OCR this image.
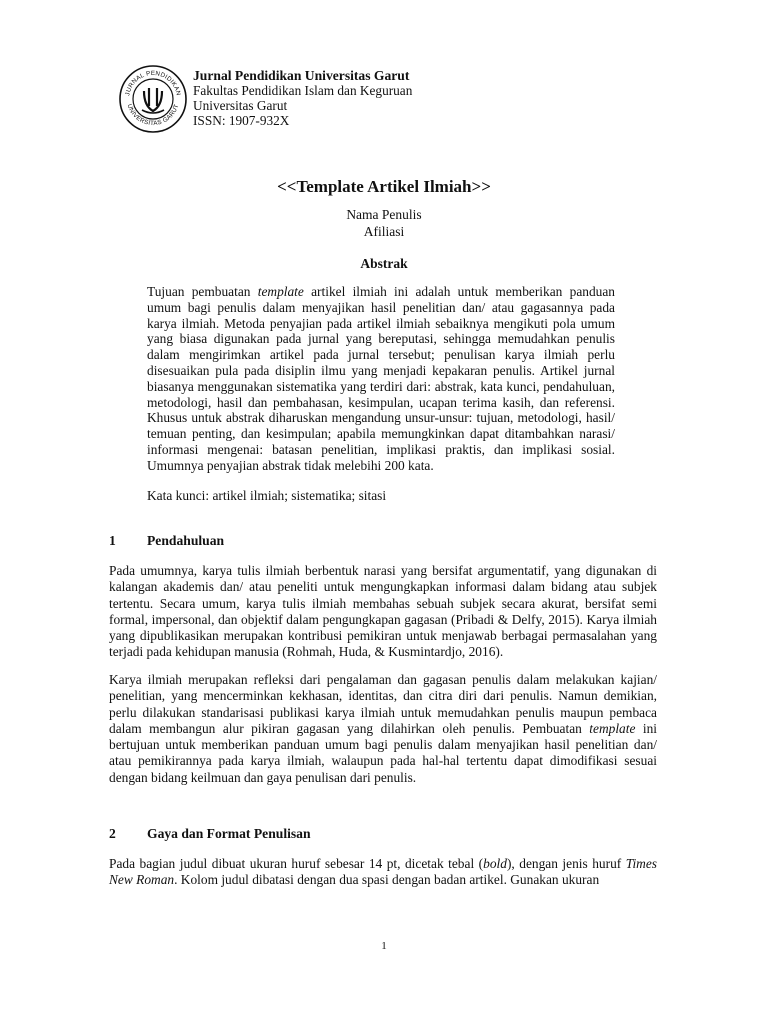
JURNAL PENDIDIKAN
UNIVERSITAS GARUT
Jurnal Pendidikan Universitas Garut
Fakultas Pendidikan Islam dan Keguruan
Universitas Garut
ISSN: 1907-932X
<<Template Artikel Ilmiah>>
Nama Penulis
Afiliasi
Abstrak

Tujuan pembuatan template artikel ilmiah ini adalah untuk memberikan panduan umum bagi penulis dalam menyajikan hasil penelitian dan/ atau gagasannya pada karya ilmiah. Metoda penyajian pada artikel ilmiah sebaiknya mengikuti pola umum yang biasa digunakan pada jurnal yang bereputasi, sehingga memudahkan penulis dalam mengirimkan artikel pada jurnal tersebut; penulisan karya ilmiah perlu disesuaikan pula pada disiplin ilmu yang menjadi kepakaran penulis. Artikel jurnal biasanya menggunakan sistematika yang terdiri dari: abstrak, kata kunci, pendahuluan, metodologi, hasil dan pembahasan, kesimpulan, ucapan terima kasih, dan referensi. Khusus untuk abstrak diharuskan mengandung unsur-unsur: tujuan, metodologi, hasil/ temuan penting, dan kesimpulan; apabila memungkinkan dapat ditambahkan narasi/ informasi mengenai: batasan penelitian, implikasi praktis, dan implikasi sosial. Umumnya penyajian abstrak tidak melebihi 200 kata.

Kata kunci: artikel ilmiah; sistematika; sitasi

1 Pendahuluan

Pada umumnya, karya tulis ilmiah berbentuk narasi yang bersifat argumentatif, yang digunakan di kalangan akademis dan/ atau peneliti untuk mengungkapkan informasi dalam bidang atau subjek tertentu. Secara umum, karya tulis ilmiah membahas sebuah subjek secara akurat, bersifat semi formal, impersonal, dan objektif dalam pengungkapan gagasan (Pribadi & Delfy, 2015). Karya ilmiah yang dipublikasikan merupakan kontribusi pemikiran untuk menjawab berbagai permasalahan yang terjadi pada kehidupan manusia (Rohmah, Huda, & Kusmintardjo, 2016).

Karya ilmiah merupakan refleksi dari pengalaman dan gagasan penulis dalam melakukan kajian/ penelitian, yang mencerminkan kekhasan, identitas, dan citra diri dari penulis. Namun demikian, perlu dilakukan standarisasi publikasi karya ilmiah untuk memudahkan penulis maupun pembaca dalam membangun alur pikiran gagasan yang dilahirkan oleh penulis. Pembuatan template ini bertujuan untuk memberikan panduan umum bagi penulis dalam menyajikan hasil penelitian dan/ atau pemikirannya pada karya ilmiah, walaupun pada hal-hal tertentu dapat dimodifikasi sesuai dengan bidang keilmuan dan gaya penulisan dari penulis.

2 Gaya dan Format Penulisan

Pada bagian judul dibuat ukuran huruf sebesar 14 pt, dicetak tebal (bold), dengan jenis huruf Times New Roman. Kolom judul dibatasi dengan dua spasi dengan badan artikel. Gunakan ukuran

1
